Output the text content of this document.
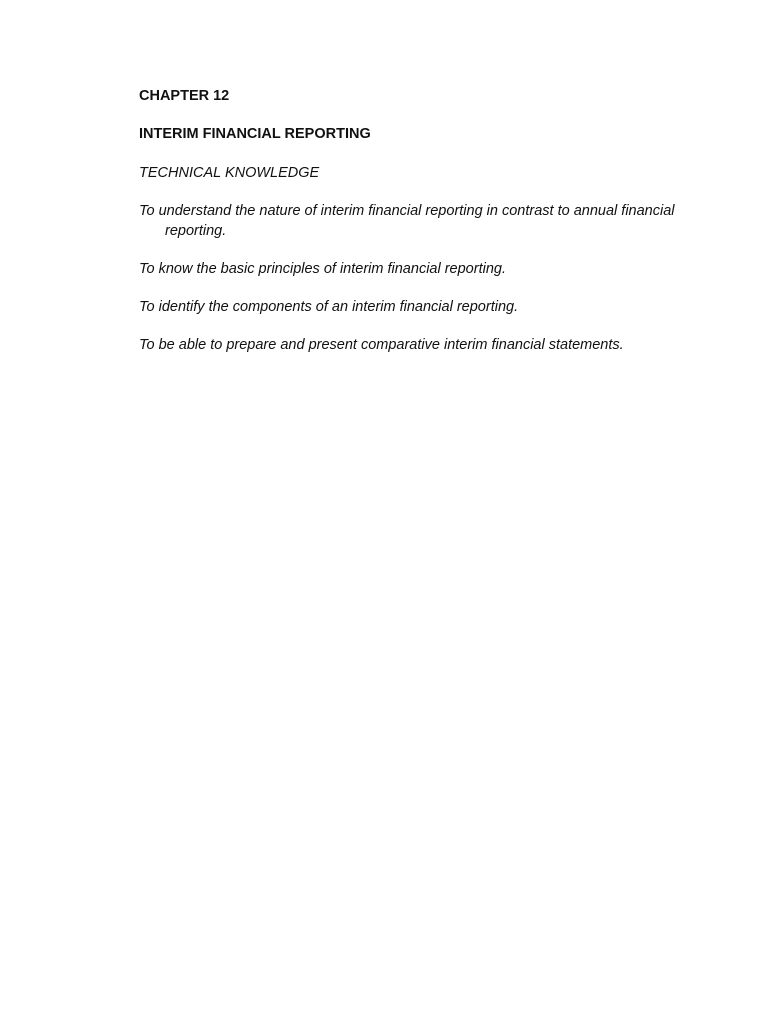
CHAPTER 12

INTERIM FINANCIAL REPORTING

TECHNICAL KNOWLEDGE

To understand the nature of interim financial reporting in contrast to annual financial reporting.

To know the basic principles of interim financial reporting.

To identify the components of an interim financial reporting.

To be able to prepare and present comparative interim financial statements.
